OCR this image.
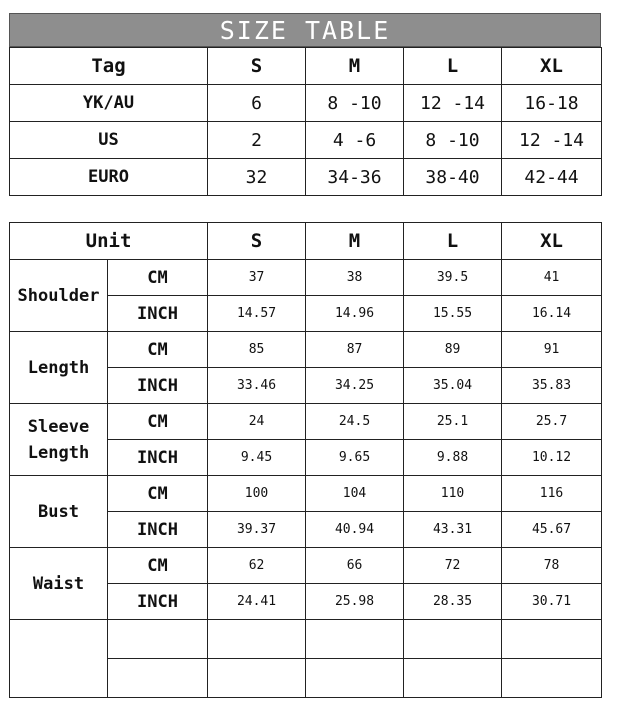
SIZE TABLE
Tag	S	M	L	XL
YK/AU	6	8 -10	12 -14	16-18
US	2	4 -6	8 -10	12 -14
EURO	32	34-36	38-40	42-44
Unit		S	M	L	XL

Shoulder	CM	37	38	39.5	41
	INCH	14.57	14.96	15.55	16.14

Length	CM	85	87	89	91
	INCH	33.46	34.25	35.04	35.83

Sleeve
Length	CM	24	24.5	25.1	25.7
	INCH	9.45	9.65	9.88	10.12

Bust	CM	100	104	110	116
	INCH	39.37	40.94	43.31	45.67

Waist	CM	62	66	72	78
	INCH	24.41	25.98	28.35	30.71
